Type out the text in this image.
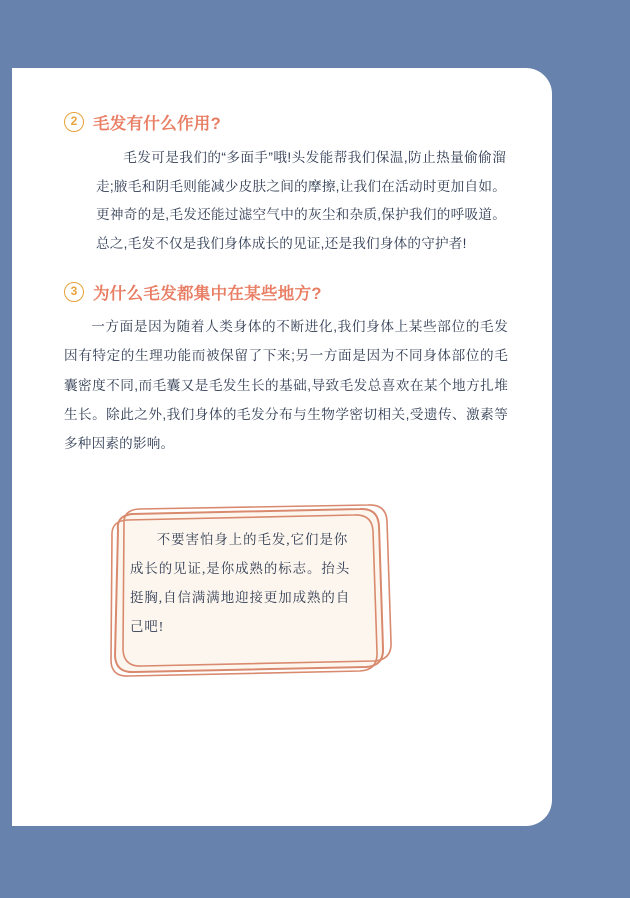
2 毛发有什么作用?
毛发可是我们的“多面手”哦!头发能帮我们保温,防止热量偷偷溜走;腋毛和阴毛则能减少皮肤之间的摩擦,让我们在活动时更加自如。更神奇的是,毛发还能过滤空气中的灰尘和杂质,保护我们的呼吸道。总之,毛发不仅是我们身体成长的见证,还是我们身体的守护者!
3 为什么毛发都集中在某些地方?
一方面是因为随着人类身体的不断进化,我们身体上某些部位的毛发因有特定的生理功能而被保留了下来;另一方面是因为不同身体部位的毛囊密度不同,而毛囊又是毛发生长的基础,导致毛发总喜欢在某个地方扎堆生长。除此之外,我们身体的毛发分布与生物学密切相关,受遗传、激素等多种因素的影响。
不要害怕身上的毛发,它们是你成长的见证,是你成熟的标志。抬头挺胸,自信满满地迎接更加成熟的自己吧!
